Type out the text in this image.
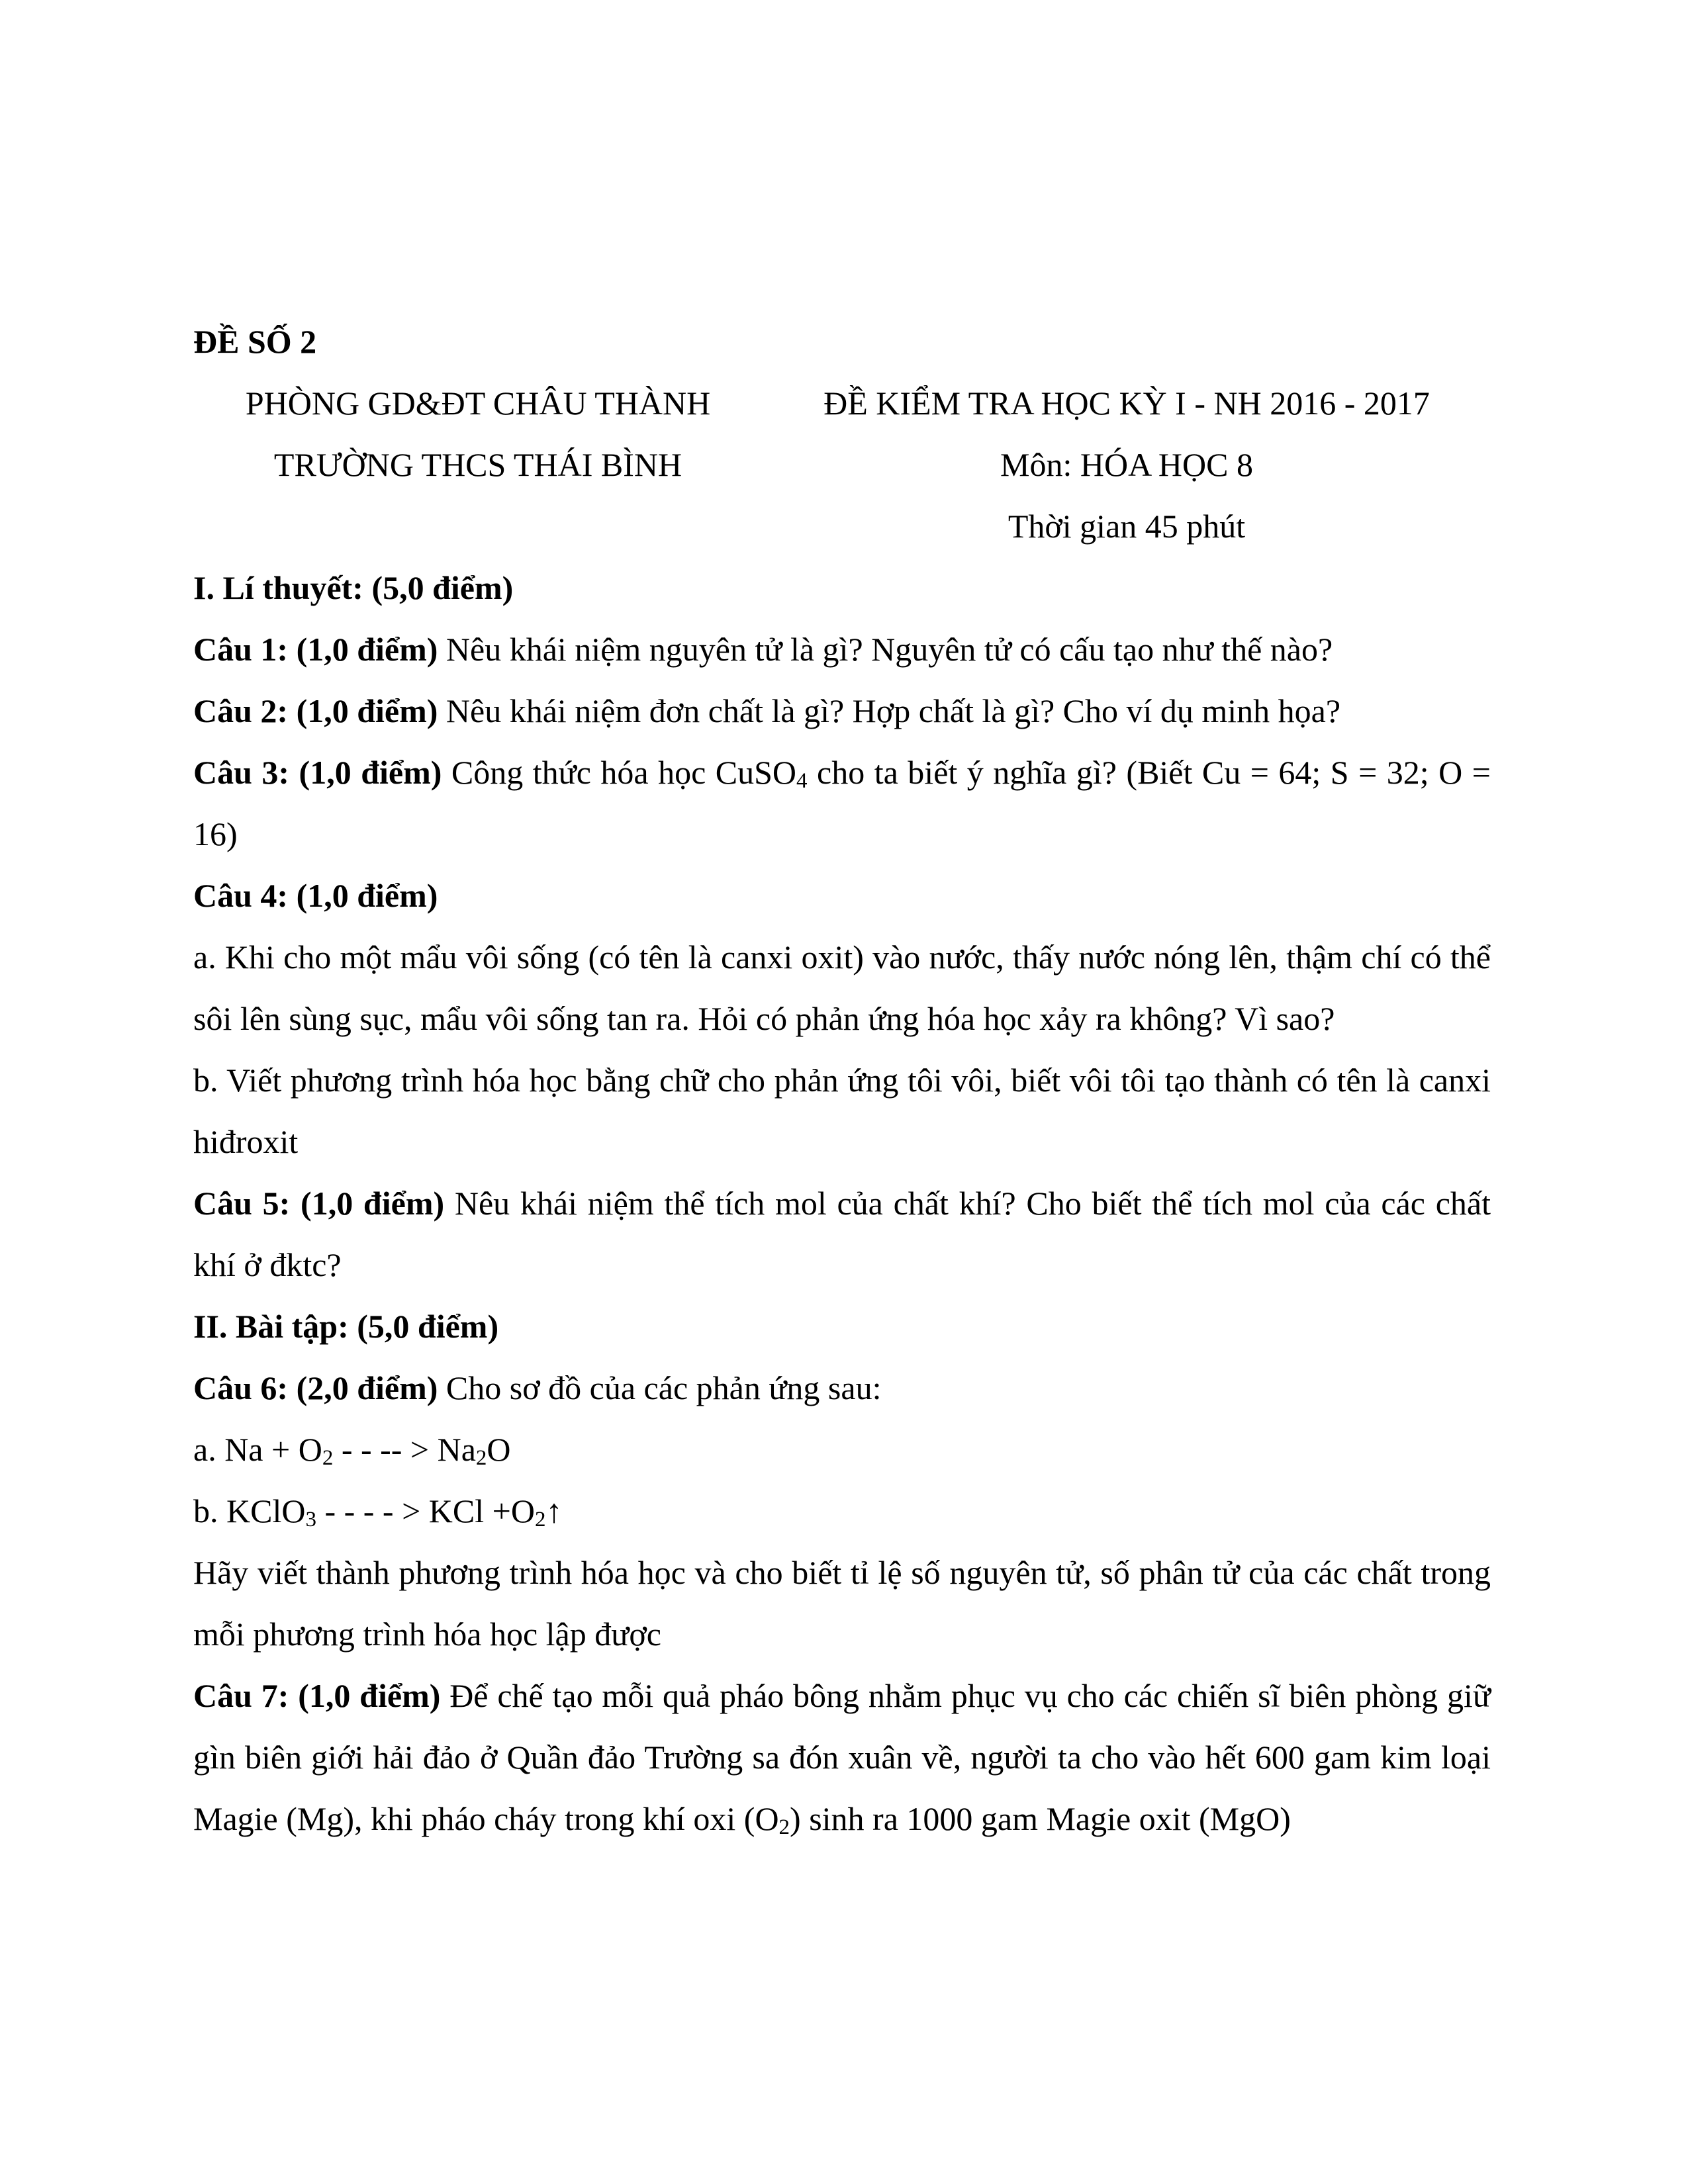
ĐỀ SỐ 2
PHÒNG GD&ĐT CHÂU THÀNH	ĐỀ KIỂM TRA HỌC KỲ I - NH 2016 - 2017
TRƯỜNG THCS THÁI BÌNH	Môn: HÓA HỌC 8
Thời gian 45 phút
I. Lí thuyết: (5,0 điểm)
Câu 1: (1,0 điểm) Nêu khái niệm nguyên tử là gì? Nguyên tử có cấu tạo như thế nào?
Câu 2: (1,0 điểm) Nêu khái niệm đơn chất là gì? Hợp chất là gì? Cho ví dụ minh họa?
Câu 3: (1,0 điểm) Công thức hóa học CuSO$_4$ cho ta biết ý nghĩa gì? (Biết Cu = 64; S = 32; O = 16)
Câu 4: (1,0 điểm)
a. Khi cho một mẩu vôi sống (có tên là canxi oxit) vào nước, thấy nước nóng lên, thậm chí có thể sôi lên sùng sục, mẩu vôi sống tan ra. Hỏi có phản ứng hóa học xảy ra không? Vì sao?
b. Viết phương trình hóa học bằng chữ cho phản ứng tôi vôi, biết vôi tôi tạo thành có tên là canxi hiđroxit
Câu 5: (1,0 điểm) Nêu khái niệm thể tích mol của chất khí? Cho biết thể tích mol của các chất khí ở đktc?
II. Bài tập: (5,0 điểm)
Câu 6: (2,0 điểm) Cho sơ đồ của các phản ứng sau:
a. $Na + O_2$ - - -- > $Na_2O$
b. KClO$_3$ - - - - > KCl $+O_2↑$
Hãy viết thành phương trình hóa học và cho biết tỉ lệ số nguyên tử, số phân tử của các chất trong mỗi phương trình hóa học lập được
Câu 7: (1,0 điểm) Để chế tạo mỗi quả pháo bông nhằm phục vụ cho các chiến sĩ biên phòng giữ gìn biên giới hải đảo ở Quần đảo Trường sa đón xuân về, người ta cho vào hết 600 gam kim loại Magie (Mg), khi pháo cháy trong khí oxi $(O_2)$ sinh ra 1000 gam Magie oxit (MgO)
